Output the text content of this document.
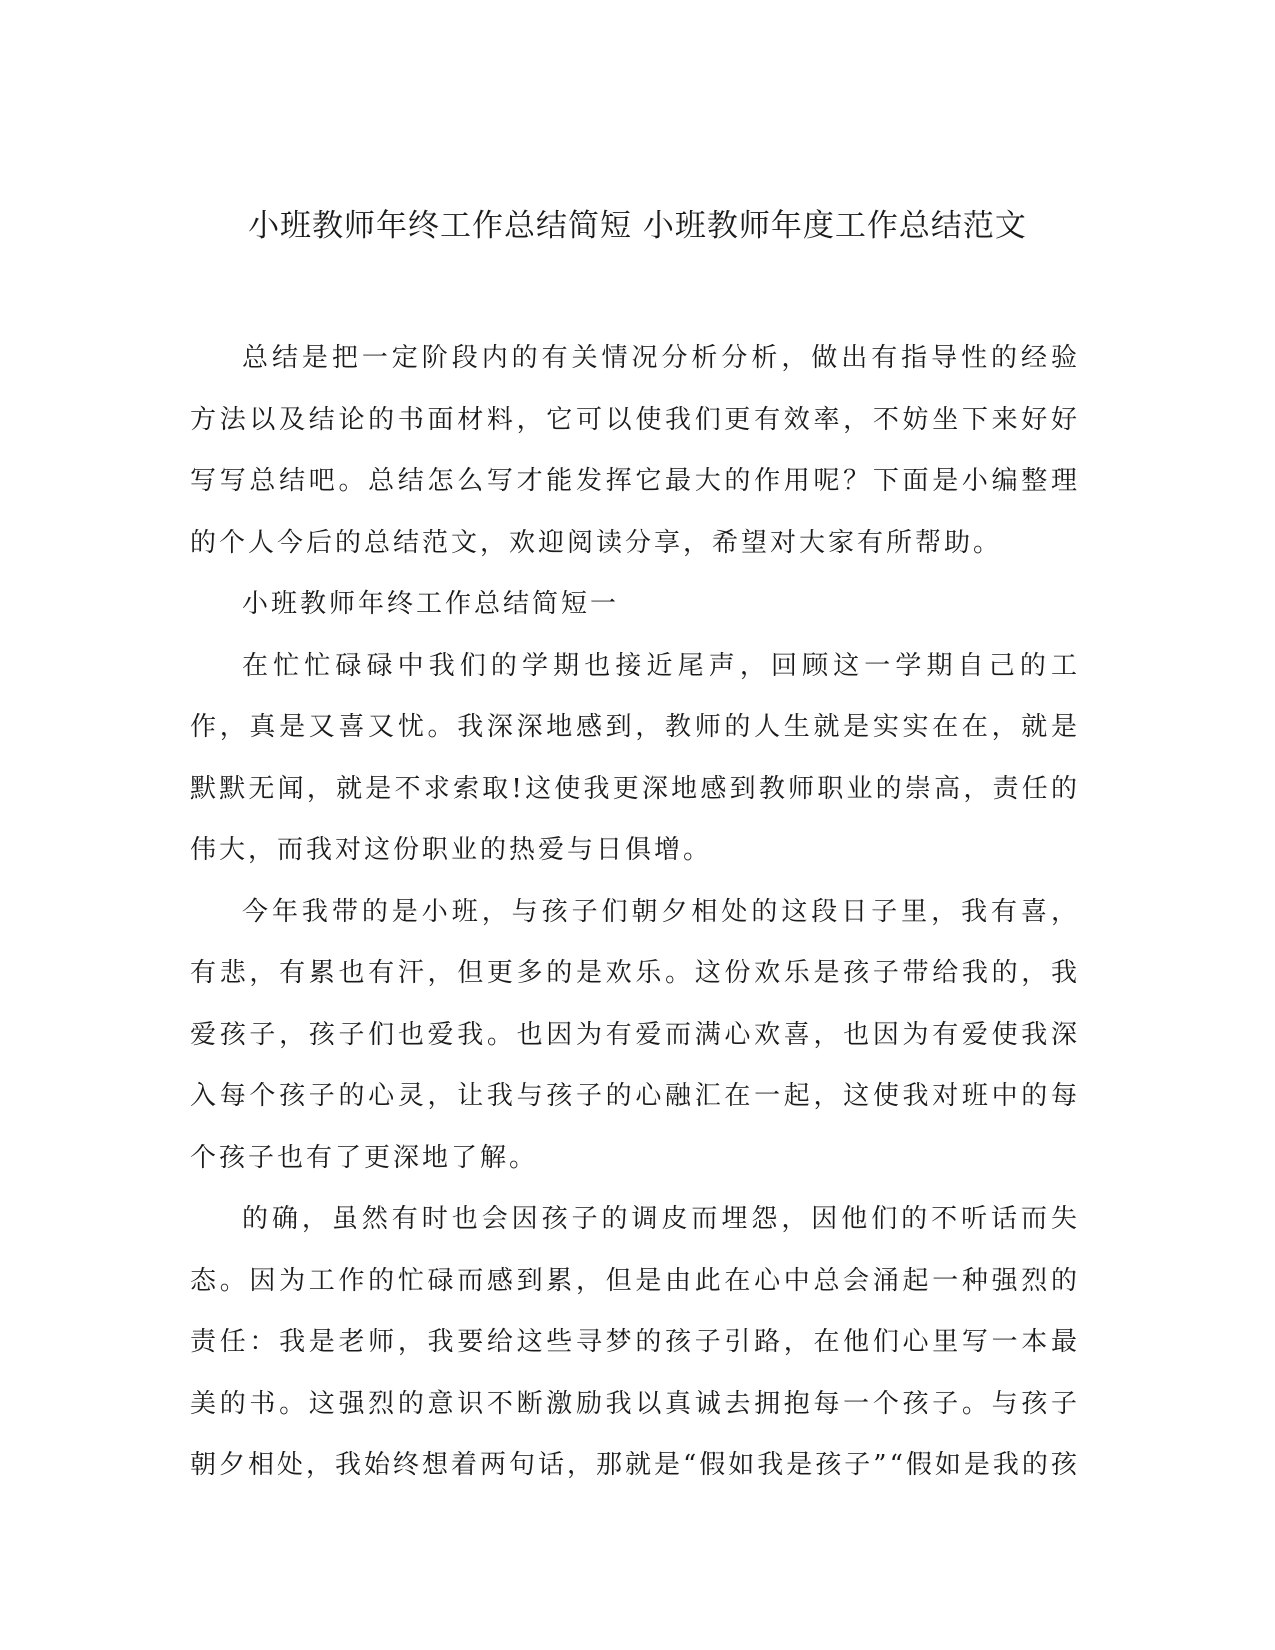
小班教师年终工作总结简短 小班教师年度工作总结范文

总结是把一定阶段内的有关情况分析分析，做出有指导性的经验方法以及结论的书面材料，它可以使我们更有效率，不妨坐下来好好写写总结吧。总结怎么写才能发挥它最大的作用呢？下面是小编整理的个人今后的总结范文，欢迎阅读分享，希望对大家有所帮助。

小班教师年终工作总结简短一

在忙忙碌碌中我们的学期也接近尾声，回顾这一学期自己的工作，真是又喜又忧。我深深地感到，教师的人生就是实实在在，就是默默无闻，就是不求索取!这使我更深地感到教师职业的崇高，责任的伟大，而我对这份职业的热爱与日俱增。

今年我带的是小班，与孩子们朝夕相处的这段日子里，我有喜，有悲，有累也有汗，但更多的是欢乐。这份欢乐是孩子带给我的，我爱孩子，孩子们也爱我。也因为有爱而满心欢喜，也因为有爱使我深入每个孩子的心灵，让我与孩子的心融汇在一起，这使我对班中的每个孩子也有了更深地了解。

的确，虽然有时也会因孩子的调皮而埋怨，因他们的不听话而失态。因为工作的忙碌而感到累，但是由此在心中总会涌起一种强烈的责任：我是老师，我要给这些寻梦的孩子引路，在他们心里写一本最美的书。这强烈的意识不断激励我以真诚去拥抱每一个孩子。与孩子朝夕相处，我始终想着两句话，那就是“假如我是孩子”“假如是我的孩
